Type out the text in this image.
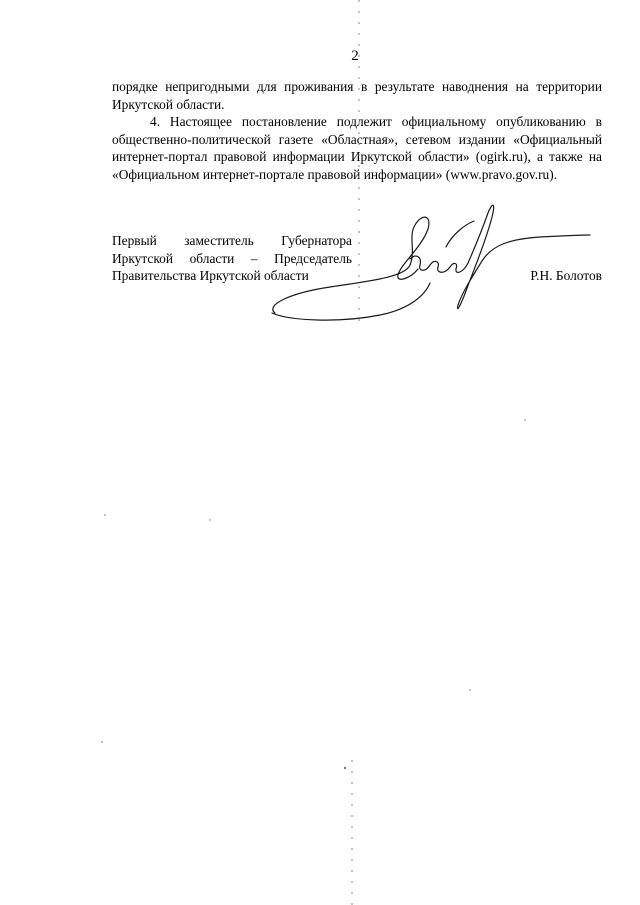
2

порядке непригодными для проживания в результате наводнения на территории Иркутской области.

4. Настоящее постановление подлежит официальному опубликованию в общественно-политической газете «Областная», сетевом издании «Официальный интернет-портал правовой информации Иркутской области» (ogirk.ru), а также на «Официальном интернет-портале правовой информации» (www.pravo.gov.ru).

Первый заместитель Губернатора
Иркутской области – Председатель
Правительства Иркутской области	Р.Н. Болотов
